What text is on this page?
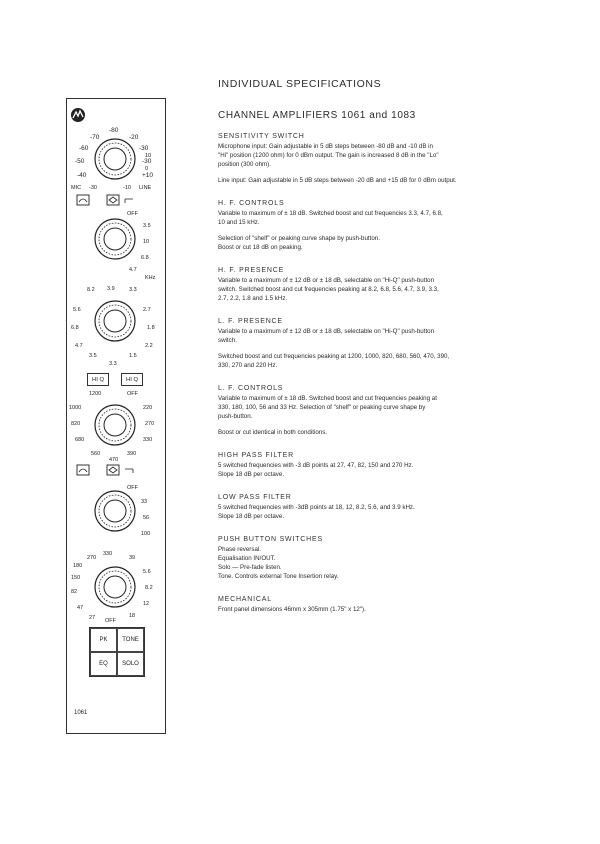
INDIVIDUAL SPECIFICATIONS
CHANNEL AMPLIFIERS 1061 and 1083
SENSITIVITY SWITCH
Microphone input: Gain adjustable in 5 dB steps between -80 dB and -10 dB in
"Hi" position (1200 ohm) for 0 dBm output. The gain is increased 8 dB in the "Lo"
position (300 ohm).
Line input: Gain adjustable in 5 dB steps between -20 dB and +15 dB for 0 dBm output.
H. F. CONTROLS
Variable to maximum of ± 18 dB. Switched boost and cut frequencies 3.3, 4.7, 6.8,
10 and 15 kHz.
Selection of "shelf" or peaking curve shape by push-button.
Boost or cut 18 dB on peaking.
H. F. PRESENCE
Variable to a maximum of ± 12 dB or ± 18 dB, selectable on "Hi-Q" push-button
switch. Switched boost and cut frequencies peaking at 8.2, 6.8, 5.6, 4.7, 3.9, 3.3,
2.7, 2.2, 1.8 and 1.5 kHz.
L. F. PRESENCE
Variable to a maximum of ± 12 dB or ± 18 dB, selectable on "Hi-Q" push-button
switch.
Switched boost and cut frequencies peaking at 1200, 1000, 820, 680, 560, 470, 390,
330, 270 and 220 Hz.
L. F. CONTROLS
Variable to maximum of ± 18 dB. Switched boost and cut frequencies peaking at
330, 180, 100, 56 and 33 Hz. Selection of "shelf" or peaking curve shape by
push-button.
Boost or cut identical in both conditions.
HIGH PASS FILTER
5 switched frequencies with -3 dB points at 27, 47, 82, 150 and 270 Hz.
Slope 18 dB per octave.
LOW PASS FILTER
5 switched frequencies with -3dB points at 18, 12, 8.2, 5.6, and 3.9 kHz.
Slope 18 dB per octave.
PUSH BUTTON SWITCHES
Phase reversal.
Equalisation IN/OUT.
Solo — Pre-fade listen.
Tone. Controls external Tone Insertion relay.
MECHANICAL
Front panel dimensions 46mm x 305mm (1.75" x 12").
-70
-80
-20
-60	-30
-50
-40
-30
+10
MIC -30	-10 LINE
0
10
OFF
3.5
10
6.8
4.7
KHz
8.2 3.9	3.3
5.6	2.7
6.8	1.8
4.7	2.2
3.5	1.5
3.3
1200	OFF
1000	220
820	270
680	330
560	390
470
OFF
33
56
100
270
330
180
39
150
5.6
82
8.2
47
12
27	18
OFF
HI Q	HI Q
PK	TONE
EQ	SOLO
1061
